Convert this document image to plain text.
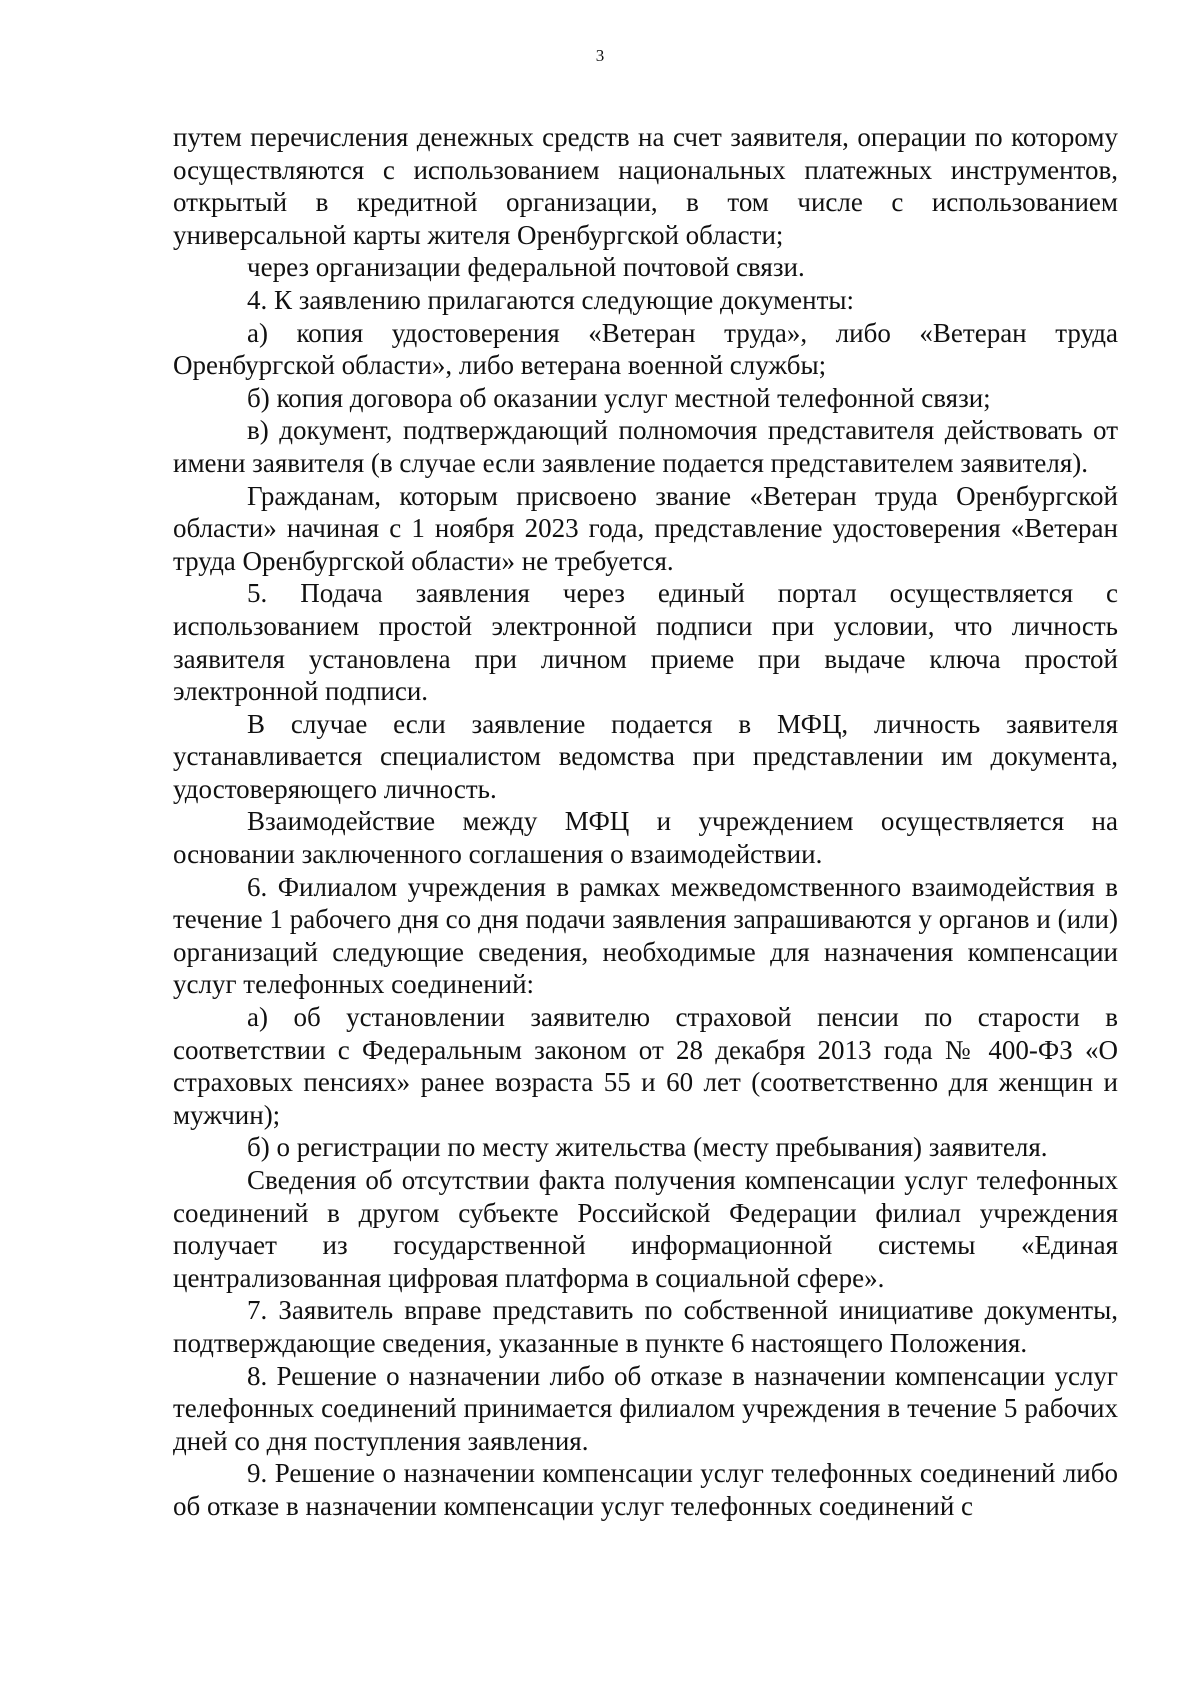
3

путем перечисления денежных средств на счет заявителя, операции по которому осуществляются с использованием национальных платежных инструментов, открытый в кредитной организации, в том числе с использованием универсальной карты жителя Оренбургской области;

через организации федеральной почтовой связи.

4. К заявлению прилагаются следующие документы:

а) копия удостоверения «Ветеран труда», либо «Ветеран труда Оренбургской области», либо ветерана военной службы;

б) копия договора об оказании услуг местной телефонной связи;

в) документ, подтверждающий полномочия представителя действовать от имени заявителя (в случае если заявление подается представителем заявителя).

Гражданам, которым присвоено звание «Ветеран труда Оренбургской области» начиная с 1 ноября 2023 года, представление удостоверения «Ветеран труда Оренбургской области» не требуется.

5. Подача заявления через единый портал осуществляется с использованием простой электронной подписи при условии, что личность заявителя установлена при личном приеме при выдаче ключа простой электронной подписи.

В случае если заявление подается в МФЦ, личность заявителя устанавливается специалистом ведомства при представлении им документа, удостоверяющего личность.

Взаимодействие между МФЦ и учреждением осуществляется на основании заключенного соглашения о взаимодействии.

6. Филиалом учреждения в рамках межведомственного взаимодействия в течение 1 рабочего дня со дня подачи заявления запрашиваются у органов и (или) организаций следующие сведения, необходимые для назначения компенсации услуг телефонных соединений:

а) об установлении заявителю страховой пенсии по старости в соответствии с Федеральным законом от 28 декабря 2013 года № 400-ФЗ «О страховых пенсиях» ранее возраста 55 и 60 лет (соответственно для женщин и мужчин);

б) о регистрации по месту жительства (месту пребывания) заявителя.

Сведения об отсутствии факта получения компенсации услуг телефонных соединений в другом субъекте Российской Федерации филиал учреждения получает из государственной информационной системы «Единая централизованная цифровая платформа в социальной сфере».

7. Заявитель вправе представить по собственной инициативе документы, подтверждающие сведения, указанные в пункте 6 настоящего Положения.

8. Решение о назначении либо об отказе в назначении компенсации услуг телефонных соединений принимается филиалом учреждения в течение 5 рабочих дней со дня поступления заявления.

9. Решение о назначении компенсации услуг телефонных соединений либо об отказе в назначении компенсации услуг телефонных соединений с
